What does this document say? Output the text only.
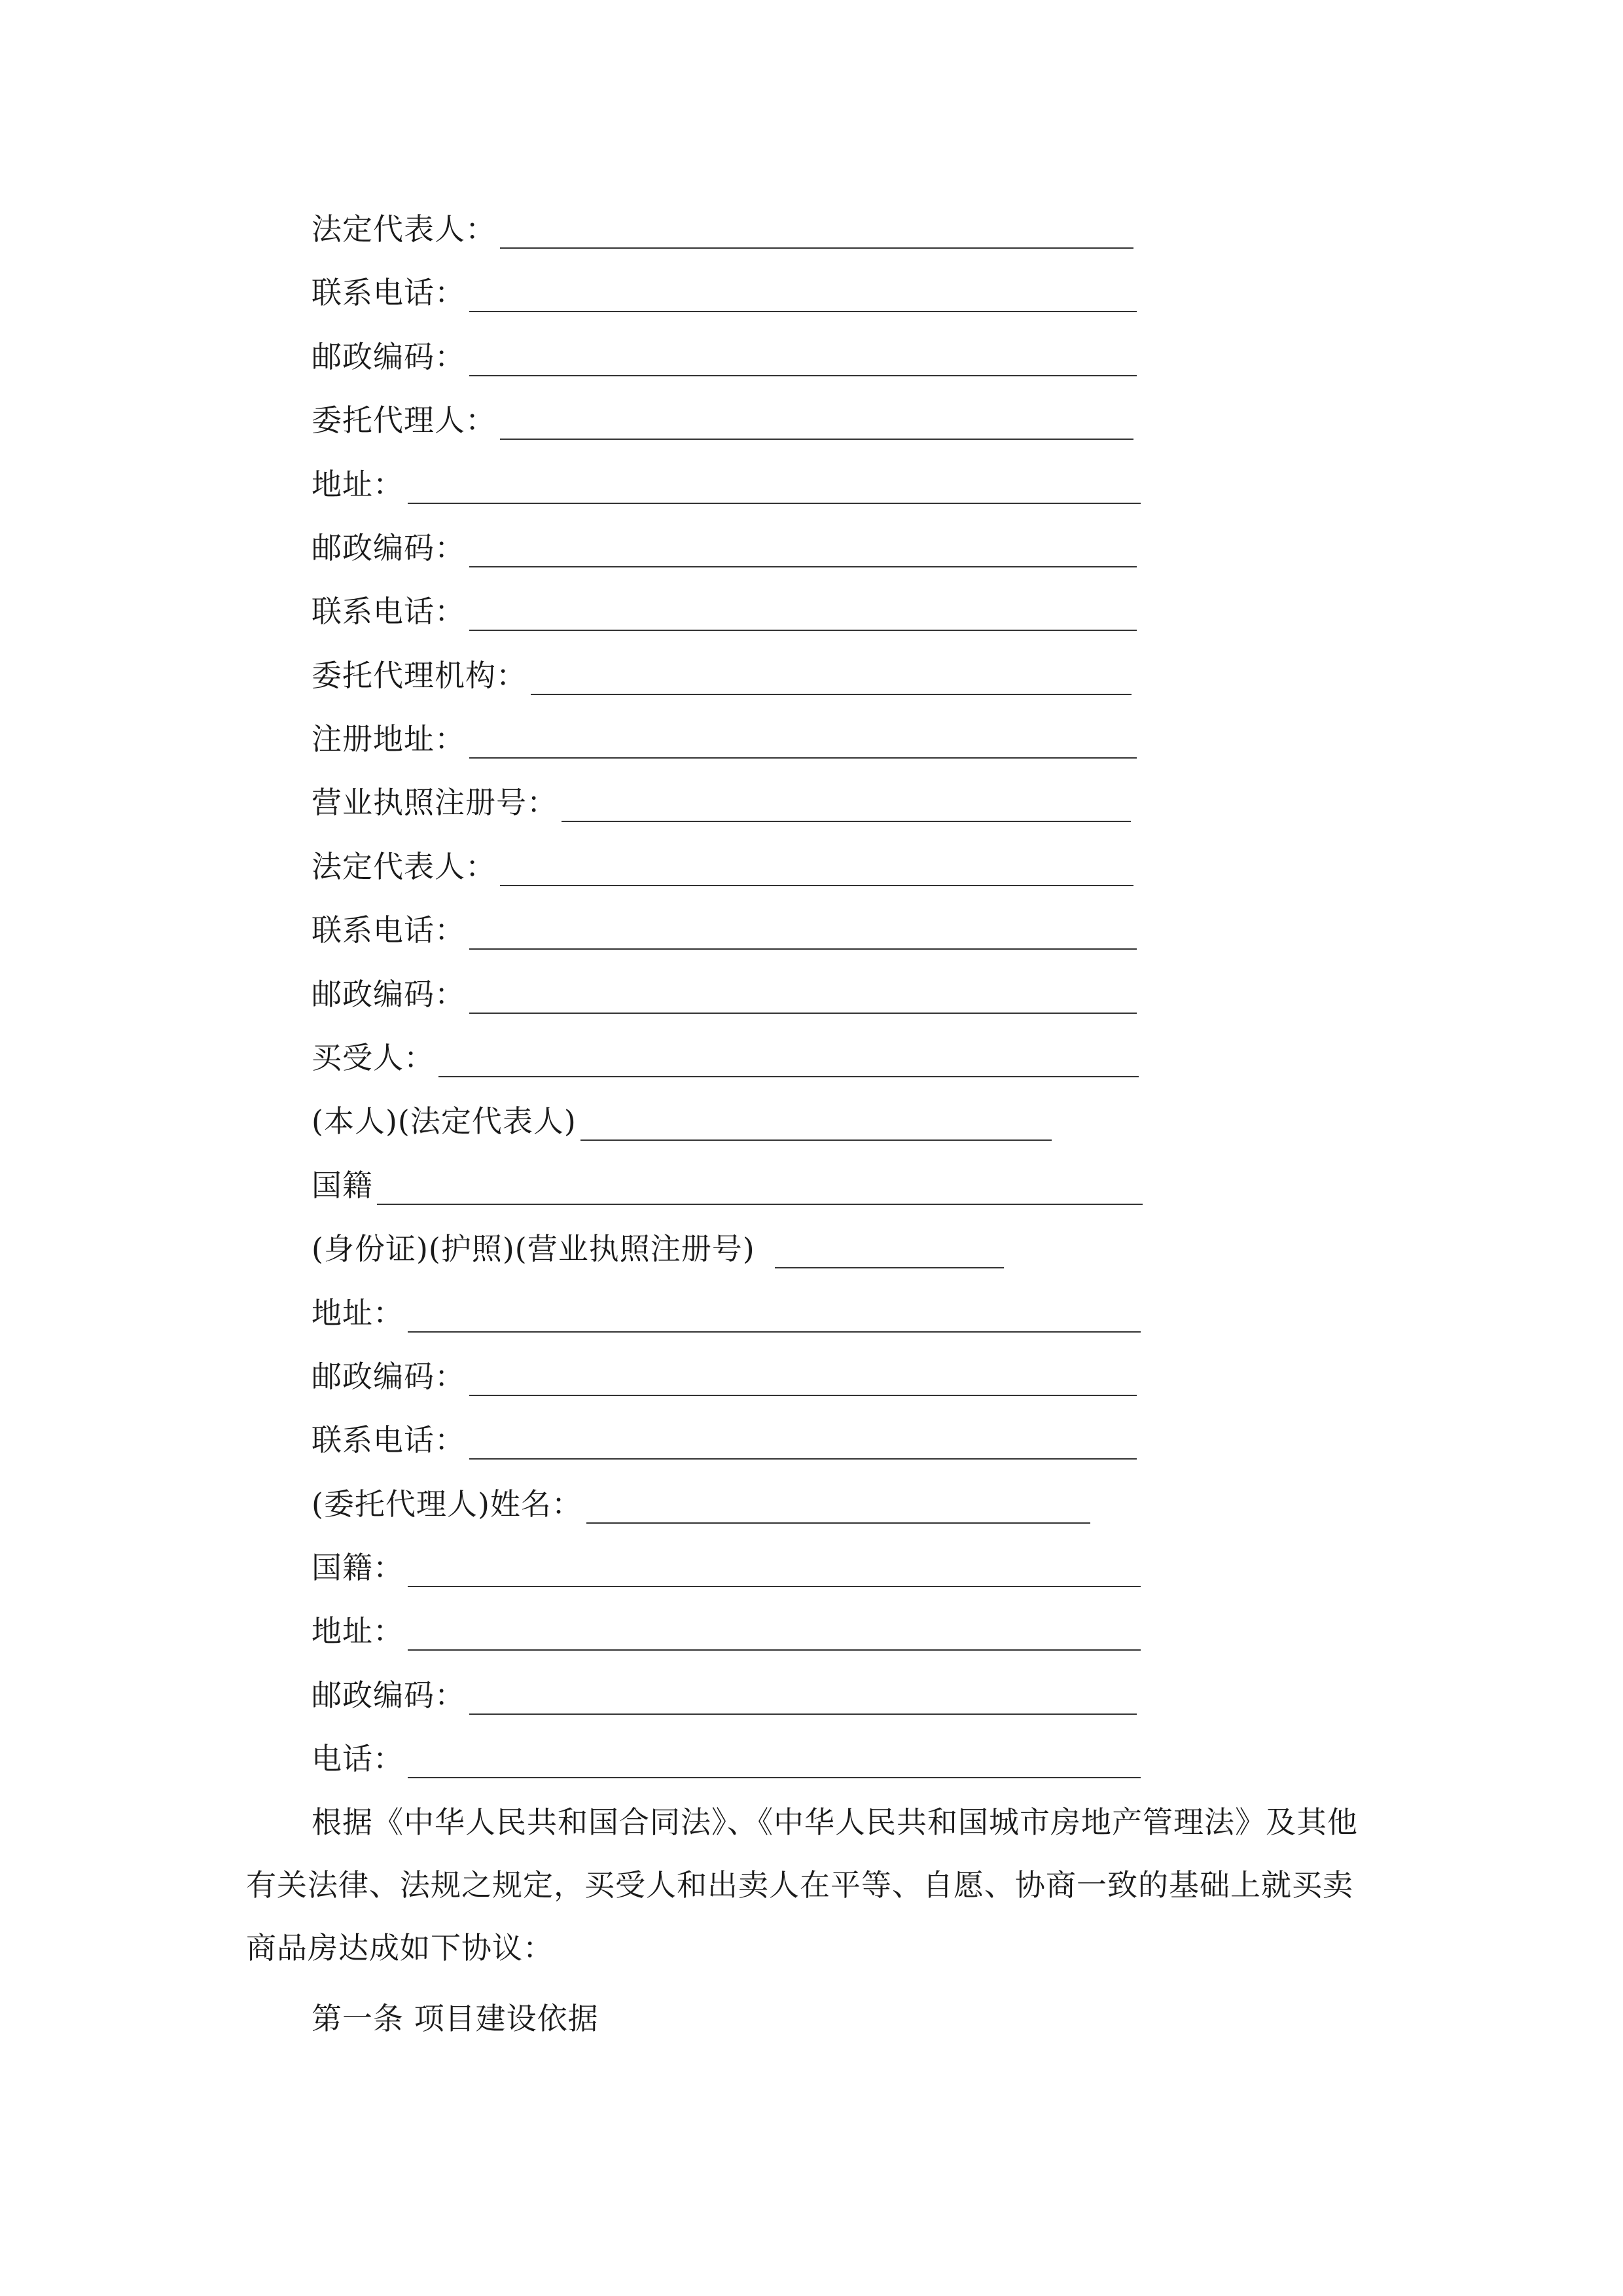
法定代表人：
联系电话：
邮政编码：
委托代理人：
地址：
邮政编码：
联系电话：
委托代理机构：
注册地址：
营业执照注册号：
法定代表人：
联系电话：
邮政编码：
买受人：
(本人)(法定代表人)
国籍
(身份证)(护照)(营业执照注册号)
地址：
邮政编码：
联系电话：
(委托代理人)姓名：
国籍：
地址：
邮政编码：
电话：

根据《中华人民共和国合同法》、《中华人民共和国城市房地产管理法》及其他有关法律、法规之规定，买受人和出卖人在平等、自愿、协商一致的基础上就买卖商品房达成如下协议：

第一条 项目建设依据
